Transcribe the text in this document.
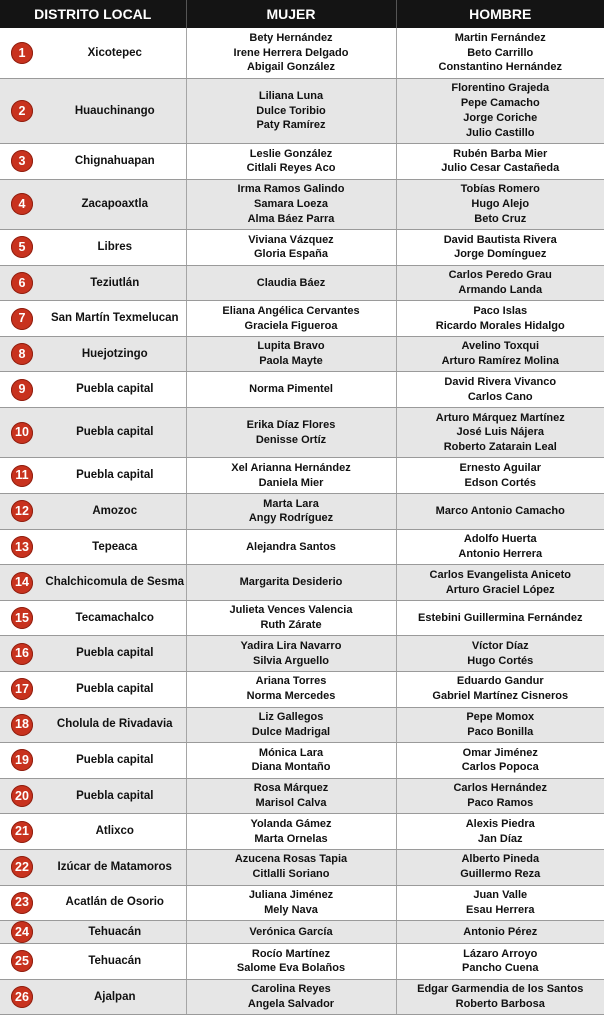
DISTRITO LOCAL		MUJER	HOMBRE
1	Xicotepec	Bety Hernández
Irene Herrera Delgado
Abigail González	Martin Fernández
Beto Carrillo
Constantino Hernández

2	Huauchinango	Liliana Luna
Dulce Toribio
Paty Ramírez	Florentino Grajeda
Pepe Camacho
Jorge Coriche
Julio Castillo

3	Chignahuapan	Leslie González
Citlali Reyes Aco	Rubén Barba Mier
Julio Cesar Castañeda

4	Zacapoaxtla	Irma Ramos Galindo
Samara Loeza
Alma Báez Parra	Tobías Romero
Hugo Alejo
Beto Cruz

5	Libres	Viviana Vázquez
Gloria España	David Bautista Rivera
Jorge Domínguez

6	Teziutlán	Claudia Báez	Carlos Peredo Grau
Armando Landa

7	San Martín Texmelucan	Eliana Angélica Cervantes
Graciela Figueroa	Paco Islas
Ricardo Morales Hidalgo

8	Huejotzingo	Lupita Bravo
Paola Mayte	Avelino Toxqui
Arturo Ramírez Molina

9	Puebla capital	Norma Pimentel	David Rivera Vivanco
Carlos Cano

10	Puebla capital	Erika Díaz Flores
Denisse Ortíz	Arturo Márquez Martínez
José Luis Nájera
Roberto Zatarain Leal

11	Puebla capital	Xel Arianna Hernández
Daniela Mier	Ernesto Aguilar
Edson Cortés

12	Amozoc	Marta Lara
Angy Rodríguez	Marco Antonio Camacho

13	Tepeaca	Alejandra Santos	Adolfo Huerta
Antonio Herrera

14	Chalchicomula de Sesma	Margarita Desiderio	Carlos Evangelista Aniceto
Arturo Graciel López

15	Tecamachalco	Julieta Vences Valencia
Ruth Zárate	Estebini Guillermina Fernández

16	Puebla capital	Yadira Lira Navarro
Silvia Arguello	Víctor Díaz
Hugo Cortés

17	Puebla capital	Ariana Torres
Norma Mercedes	Eduardo Gandur
Gabriel Martínez Cisneros

18	Cholula de Rivadavia	Liz Gallegos
Dulce Madrigal	Pepe Momox
Paco Bonilla

19	Puebla capital	Mónica Lara
Diana Montaño	Omar Jiménez
Carlos Popoca

20	Puebla capital	Rosa Márquez
Marisol Calva	Carlos Hernández
Paco Ramos

21	Atlixco	Yolanda Gámez
Marta Ornelas	Alexis Piedra
Jan Díaz

22	Izúcar de Matamoros	Azucena Rosas Tapia
Citlalli Soriano	Alberto Pineda
Guillermo Reza

23	Acatlán de Osorio	Juliana Jiménez
Mely Nava	Juan Valle
Esau Herrera

24	Tehuacán	Verónica García	Antonio Pérez

25	Tehuacán	Rocío Martínez
Salome Eva Bolaños	Lázaro Arroyo
Pancho Cuena

26	Ajalpan	Carolina Reyes
Angela Salvador	Edgar Garmendia de los Santos
Roberto Barbosa
